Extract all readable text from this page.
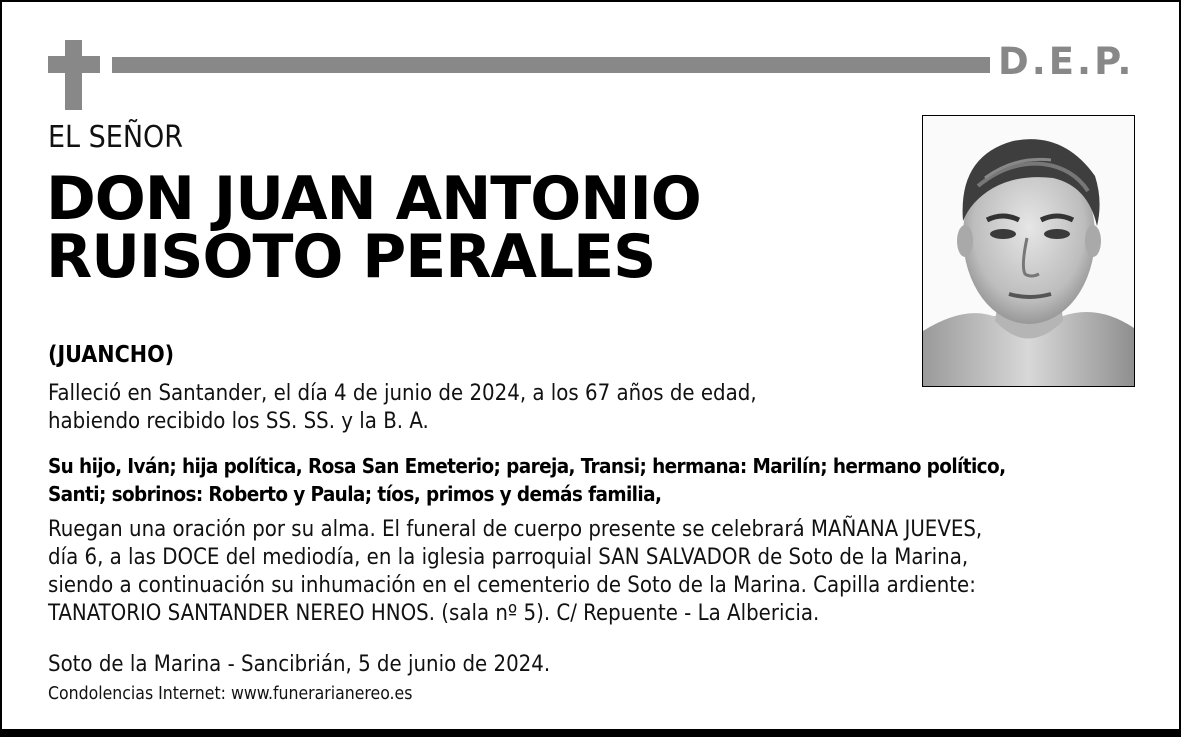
D.E.P.
EL SEÑOR
DON JUAN ANTONIO
RUISOTO PERALES
(JUANCHO)

Falleció en Santander, el día 4 de junio de 2024, a los 67 años de edad,
habiendo recibido los SS. SS. y la B. A.

Su hijo, Iván; hija política, Rosa San Emeterio; pareja, Transi; hermana: Marilín; hermano político,
Santi; sobrinos: Roberto y Paula; tíos, primos y demás familia,

Ruegan una oración por su alma. El funeral de cuerpo presente se celebrará MAÑANA JUEVES,
día 6, a las DOCE del mediodía, en la iglesia parroquial SAN SALVADOR de Soto de la Marina,
siendo a continuación su inhumación en el cementerio de Soto de la Marina. Capilla ardiente:
TANATORIO SANTANDER NEREO HNOS. (sala nº 5). C/ Repuente - La Albericia.

Soto de la Marina - Sancibrián, 5 de junio de 2024.

Condolencias Internet: www.funerarianereo.es
